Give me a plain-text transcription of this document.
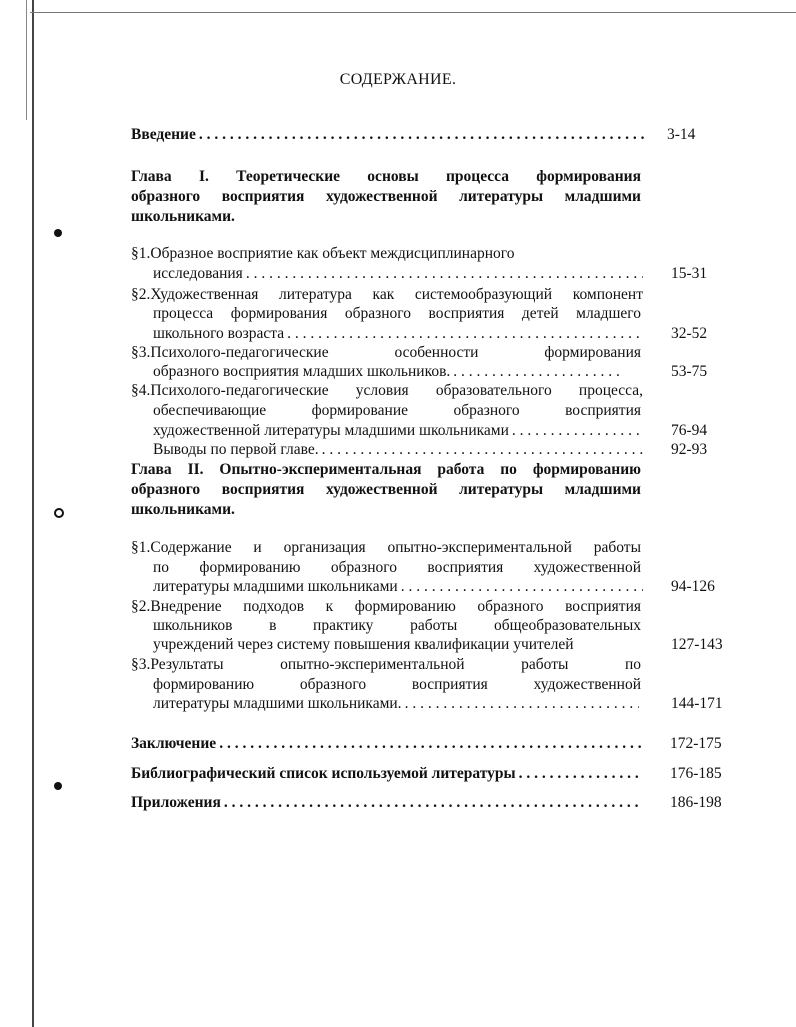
СОДЕРЖАНИЕ.
Введение . . .	3-14
Глава I. Теоретические основы процесса формирования
образного восприятия художественной литературы младшими
школьниками.
§1.Образное восприятие как объект междисциплинарного
исследования . . .	15-31
§2.Художественная литература как системообразующий компонент
процесса формирования образного восприятия детей младшего
школьного возраста . . .	32-52
§3.Психолого-педагогические особенности формирования
образного восприятия младших школьников. . . .	53-75
§4.Психолого-педагогические условия образовательного процесса,
обеспечивающие формирование образного восприятия
художественной литературы младшими школьниками . . .	76-94
Выводы по первой главе. . . .	92-93
Глава II. Опытно-экспериментальная работа по формированию
образного восприятия художественной литературы младшими
школьниками.
§1.Содержание и организация опытно-экспериментальной работы
по формированию образного восприятия художественной
литературы младшими школьниками . . .	94-126
§2.Внедрение подходов к формированию образного восприятия
школьников в практику работы общеобразовательных
учреждений через систему повышения квалификации учителей	127-143
§3.Результаты опытно-экспериментальной работы по
формированию образного восприятия художественной
литературы младшими школьниками. . . .	144-171
Заключение . . .	172-175
Библиографический список используемой литературы . . .	176-185
Приложения . . .	186-198
